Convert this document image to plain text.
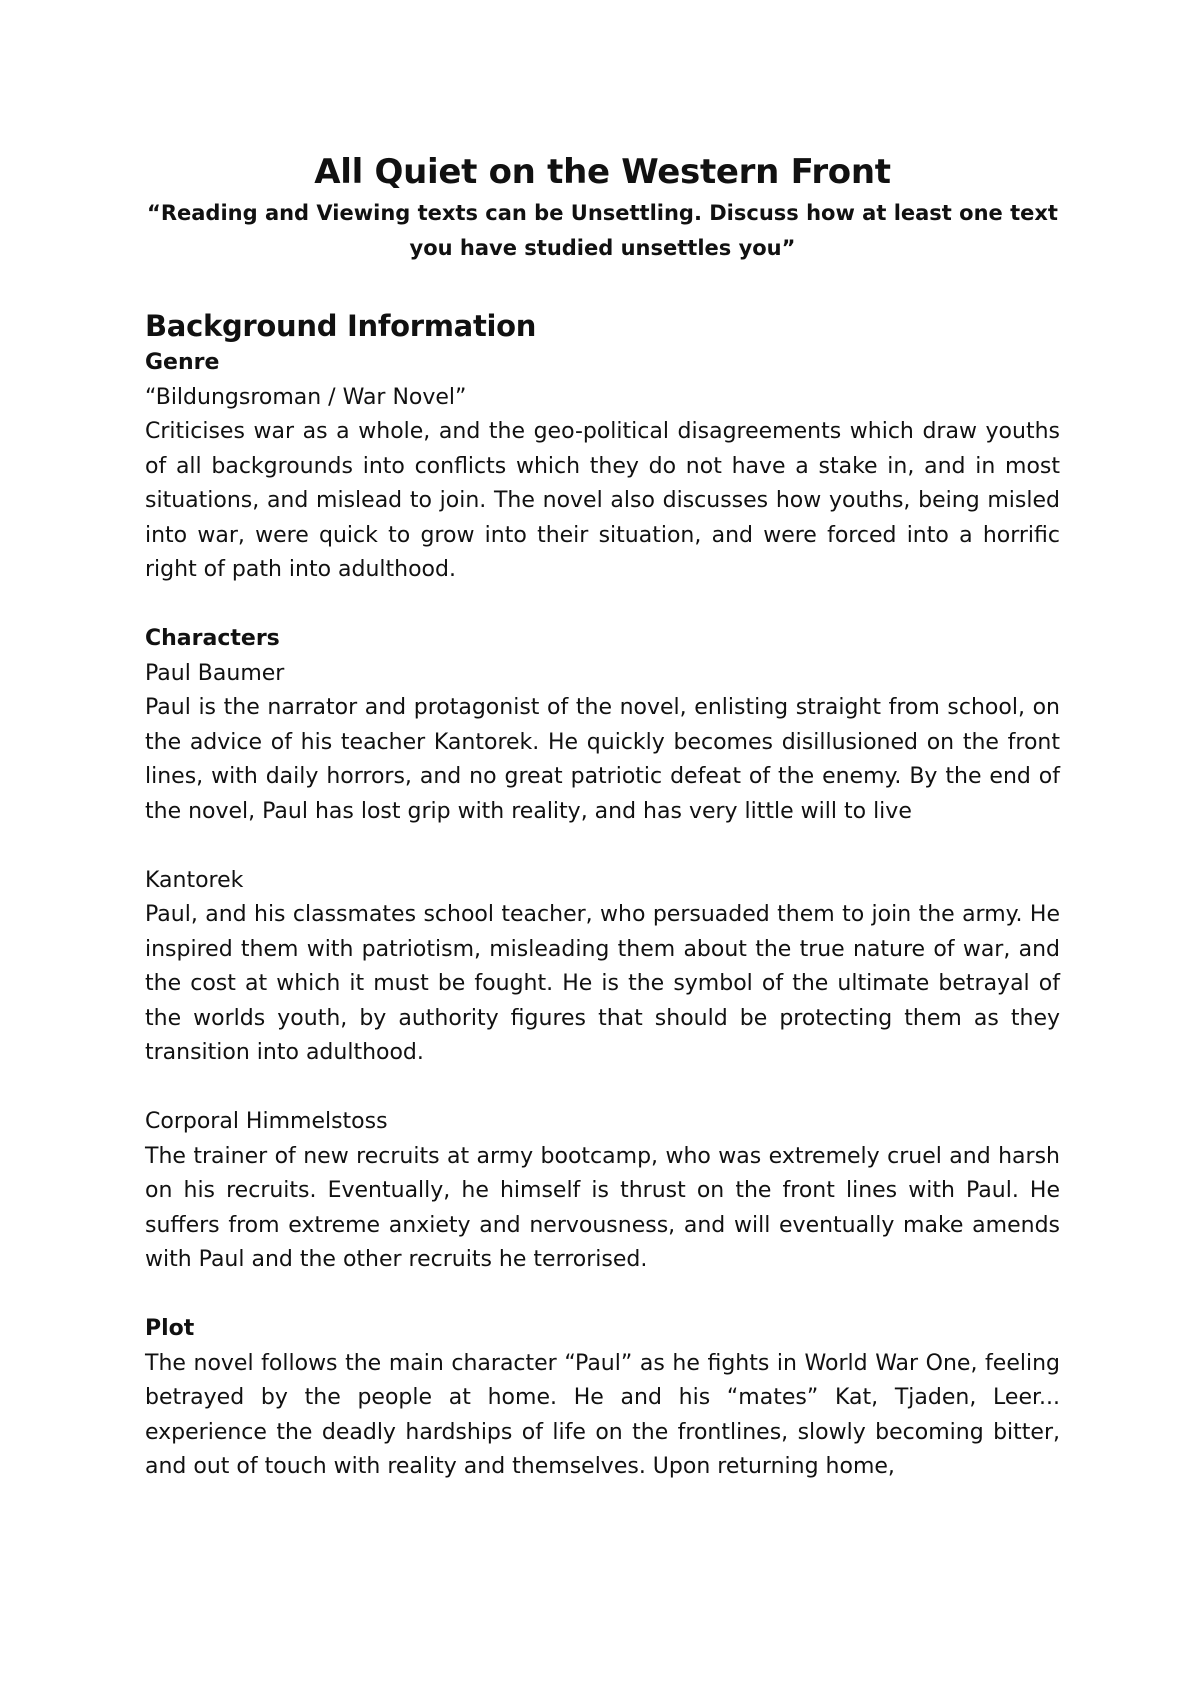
All Quiet on the Western Front

“Reading and Viewing texts can be Unsettling. Discuss how at least one text you have studied unsettles you”

Background Information

Genre

“Bildungsroman / War Novel”

Criticises war as a whole, and the geo-political disagreements which draw youths of all backgrounds into conflicts which they do not have a stake in, and in most situations, and mislead to join. The novel also discusses how youths, being misled into war, were quick to grow into their situation, and were forced into a horrific right of path into adulthood.

Characters

Paul Baumer

Paul is the narrator and protagonist of the novel, enlisting straight from school, on the advice of his teacher Kantorek. He quickly becomes disillusioned on the front lines, with daily horrors, and no great patriotic defeat of the enemy. By the end of the novel, Paul has lost grip with reality, and has very little will to live

Kantorek

Paul, and his classmates school teacher, who persuaded them to join the army. He inspired them with patriotism, misleading them about the true nature of war, and the cost at which it must be fought. He is the symbol of the ultimate betrayal of the worlds youth, by authority figures that should be protecting them as they transition into adulthood.

Corporal Himmelstoss

The trainer of new recruits at army bootcamp, who was extremely cruel and harsh on his recruits. Eventually, he himself is thrust on the front lines with Paul. He suffers from extreme anxiety and nervousness, and will eventually make amends with Paul and the other recruits he terrorised.

Plot

The novel follows the main character “Paul” as he fights in World War One, feeling betrayed by the people at home. He and his “mates” Kat, Tjaden, Leer... experience the deadly hardships of life on the frontlines, slowly becoming bitter, and out of touch with reality and themselves. Upon returning home,
